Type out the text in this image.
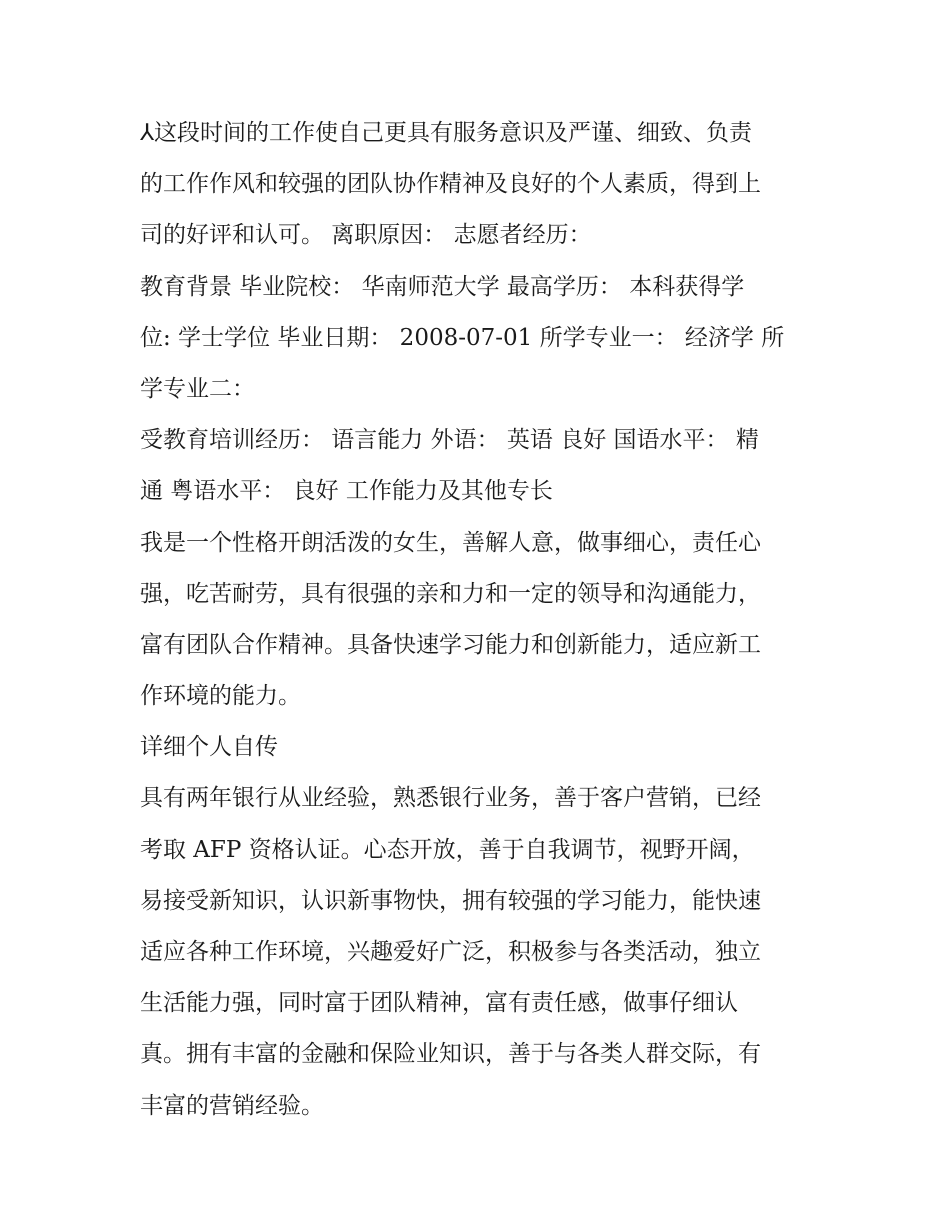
⅄这段时间的工作使自己更具有服务意识及严谨、细致、负责
的工作作风和较强的团队协作精神及良好的个人素质，得到上
司的好评和认可。 离职原因： 志愿者经历：
教育背景 毕业院校： 华南师范大学 最高学历： 本科获得学
位: 学士学位 毕业日期： 2008-07-01 所学专业一： 经济学 所
学专业二：
受教育培训经历： 语言能力 外语： 英语 良好 国语水平： 精
通 粤语水平： 良好 工作能力及其他专长
我是一个性格开朗活泼的女生，善解人意，做事细心，责任心
强，吃苦耐劳，具有很强的亲和力和一定的领导和沟通能力，
富有团队合作精神。具备快速学习能力和创新能力，适应新工
作环境的能力。
详细个人自传
具有两年银行从业经验，熟悉银行业务，善于客户营销，已经
考取 AFP 资格认证。心态开放，善于自我调节，视野开阔，
易接受新知识，认识新事物快，拥有较强的学习能力，能快速
适应各种工作环境，兴趣爱好广泛，积极参与各类活动，独立
生活能力强，同时富于团队精神，富有责任感，做事仔细认
真。拥有丰富的金融和保险业知识，善于与各类人群交际，有
丰富的营销经验。
